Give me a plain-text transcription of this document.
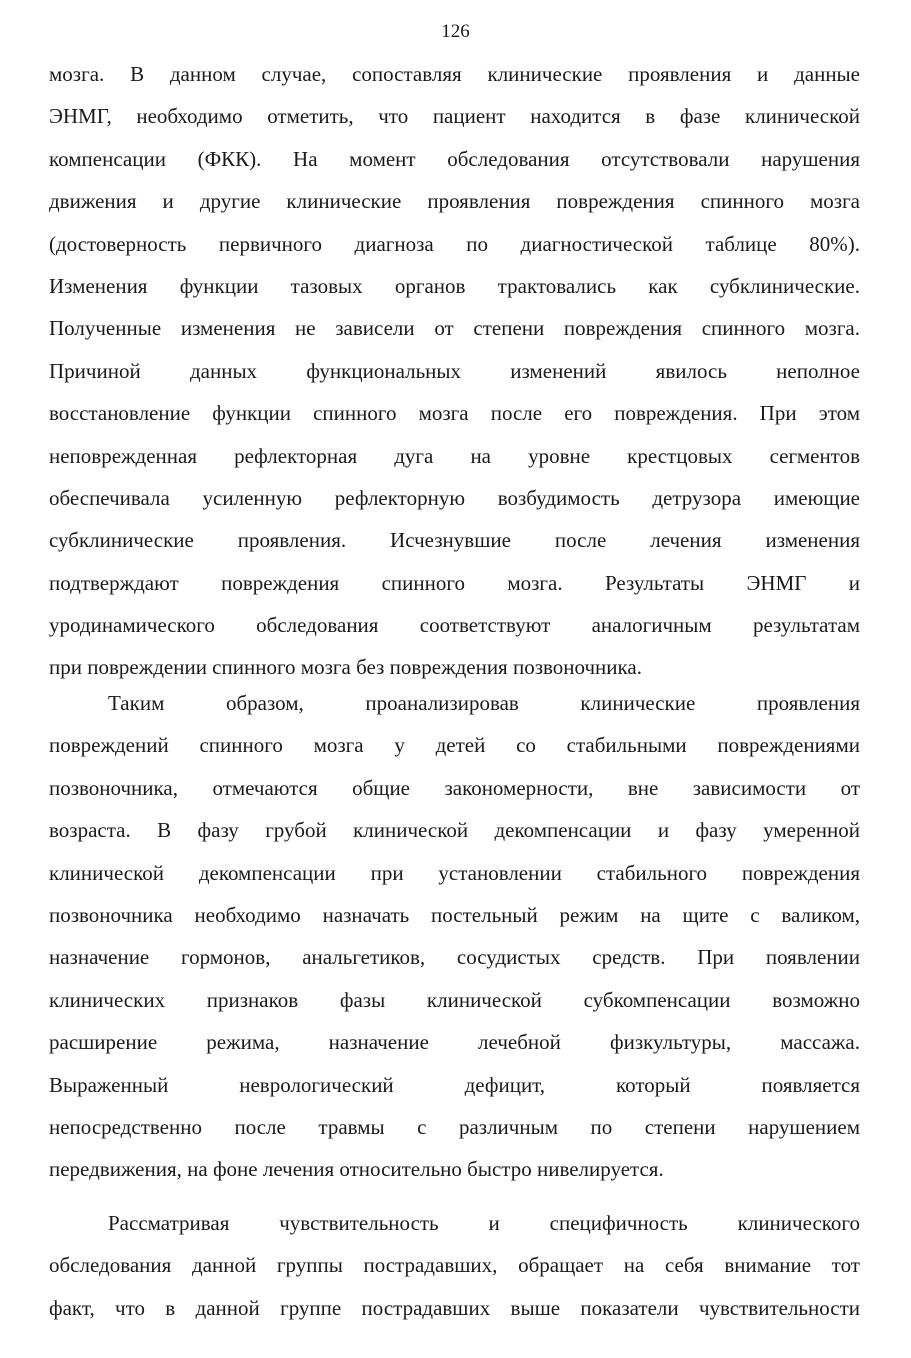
126
мозга. В данном случае, сопоставляя клинические проявления и данные
ЭНМГ, необходимо отметить, что пациент находится в фазе клинической
компенсации (ФКК). На момент обследования отсутствовали нарушения
движения и другие клинические проявления повреждения спинного мозга
(достоверность первичного диагноза по диагностической таблице 80%).
Изменения функции тазовых органов трактовались как субклинические.
Полученные изменения не зависели от степени повреждения спинного мозга.
Причиной данных функциональных изменений явилось неполное
восстановление функции спинного мозга после его повреждения. При этом
неповрежденная рефлекторная дуга на уровне крестцовых сегментов
обеспечивала усиленную рефлекторную возбудимость детрузора имеющие
субклинические проявления. Исчезнувшие после лечения изменения
подтверждают повреждения спинного мозга. Результаты ЭНМГ и
уродинамического обследования соответствуют аналогичным результатам
при повреждении спинного мозга без повреждения позвоночника.
Таким образом, проанализировав клинические проявления
повреждений спинного мозга у детей со стабильными повреждениями
позвоночника, отмечаются общие закономерности, вне зависимости от
возраста. В фазу грубой клинической декомпенсации и фазу умеренной
клинической декомпенсации при установлении стабильного повреждения
позвоночника необходимо назначать постельный режим на щите с валиком,
назначение гормонов, анальгетиков, сосудистых средств. При появлении
клинических признаков фазы клинической субкомпенсации возможно
расширение режима, назначение лечебной физкультуры, массажа.
Выраженный неврологический дефицит, который появляется
непосредственно после травмы с различным по степени нарушением
передвижения, на фоне лечения относительно быстро нивелируется.
Рассматривая чувствительность и специфичность клинического
обследования данной группы пострадавших, обращает на себя внимание тот
факт, что в данной группе пострадавших выше показатели чувствительности
